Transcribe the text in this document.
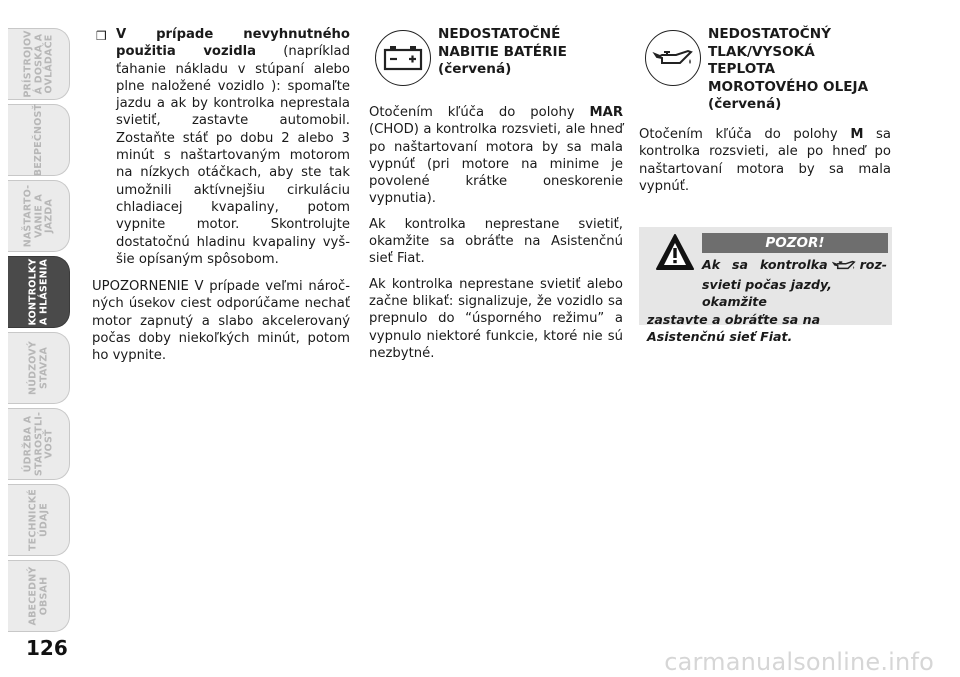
PRÍSTROJOV
Á DOSKA A
OVLÁDAČE
BEZPEČNOSŤ
NAŠTARTO-
VANIE A
JAZDA
KONTROLKY
A HLÁSENIA
NÚDZOVÝ
STAVZA
ÚDRŽBA A
STAROSTLI-
VOSŤ
TECHNICKÉ
ÚDAJE
ABECEDNÝ
OBSAH
126

❒ V prípade nevyhnutného použitia vozidla (napríklad ťahanie nákladu v stúpaní alebo plne naložené vozidlo ): spomaľte jazdu a ak by kontrolka neprestala svietiť, zastavte automobil. Zostaňte stáť po dobu 2 alebo 3 minút s naštartovaným motorom na nízkych otáčkach, aby ste tak umožnili aktívnejšiu cirkuláciu chladiacej kvapaliny, potom vypnite motor. Skontrolujte dostatočnú hladinu kvapaliny vyššie opísaným spôsobom.

UPOZORNENIE V prípade veľmi náročných úsekov ciest odporúčame nechať motor zapnutý a slabo akcelerovaný počas doby niekoľkých minút, potom ho vypnite.

NEDOSTATOČNÉ
NABITIE BATÉRIE
(červená)

Otočením kľúča do polohy MAR (CHOD) a kontrolka rozsvieti, ale hneď po naštartovaní motora by sa mala vypnúť (pri motore na minime je povolené krátke oneskorenie vypnutia).

Ak kontrolka neprestane svietiť, okamžite sa obráťte na Asistenčnú sieť Fiat.

Ak kontrolka neprestane svietiť alebo začne blikať: signalizuje, že vozidlo sa prepnulo do “úsporného režimu” a vypnulo niektoré funkcie, ktoré nie sú nezbytné.

NEDOSTATOČNÝ
TLAK/VYSOKÁ
TEPLOTA
MOROTOVÉHO OLEJA
(červená)

Otočením kľúča do polohy M sa kontrolka rozsvieti, ale po hneď po naštartovaní motora by sa mala vypnúť.

POZOR!
Ak sa kontrolka	roz-
svieti počas jazdy, okamžite
zastavte a obráťte sa na Asistenčnú sieť Fiat.
carmanualsonline.info
